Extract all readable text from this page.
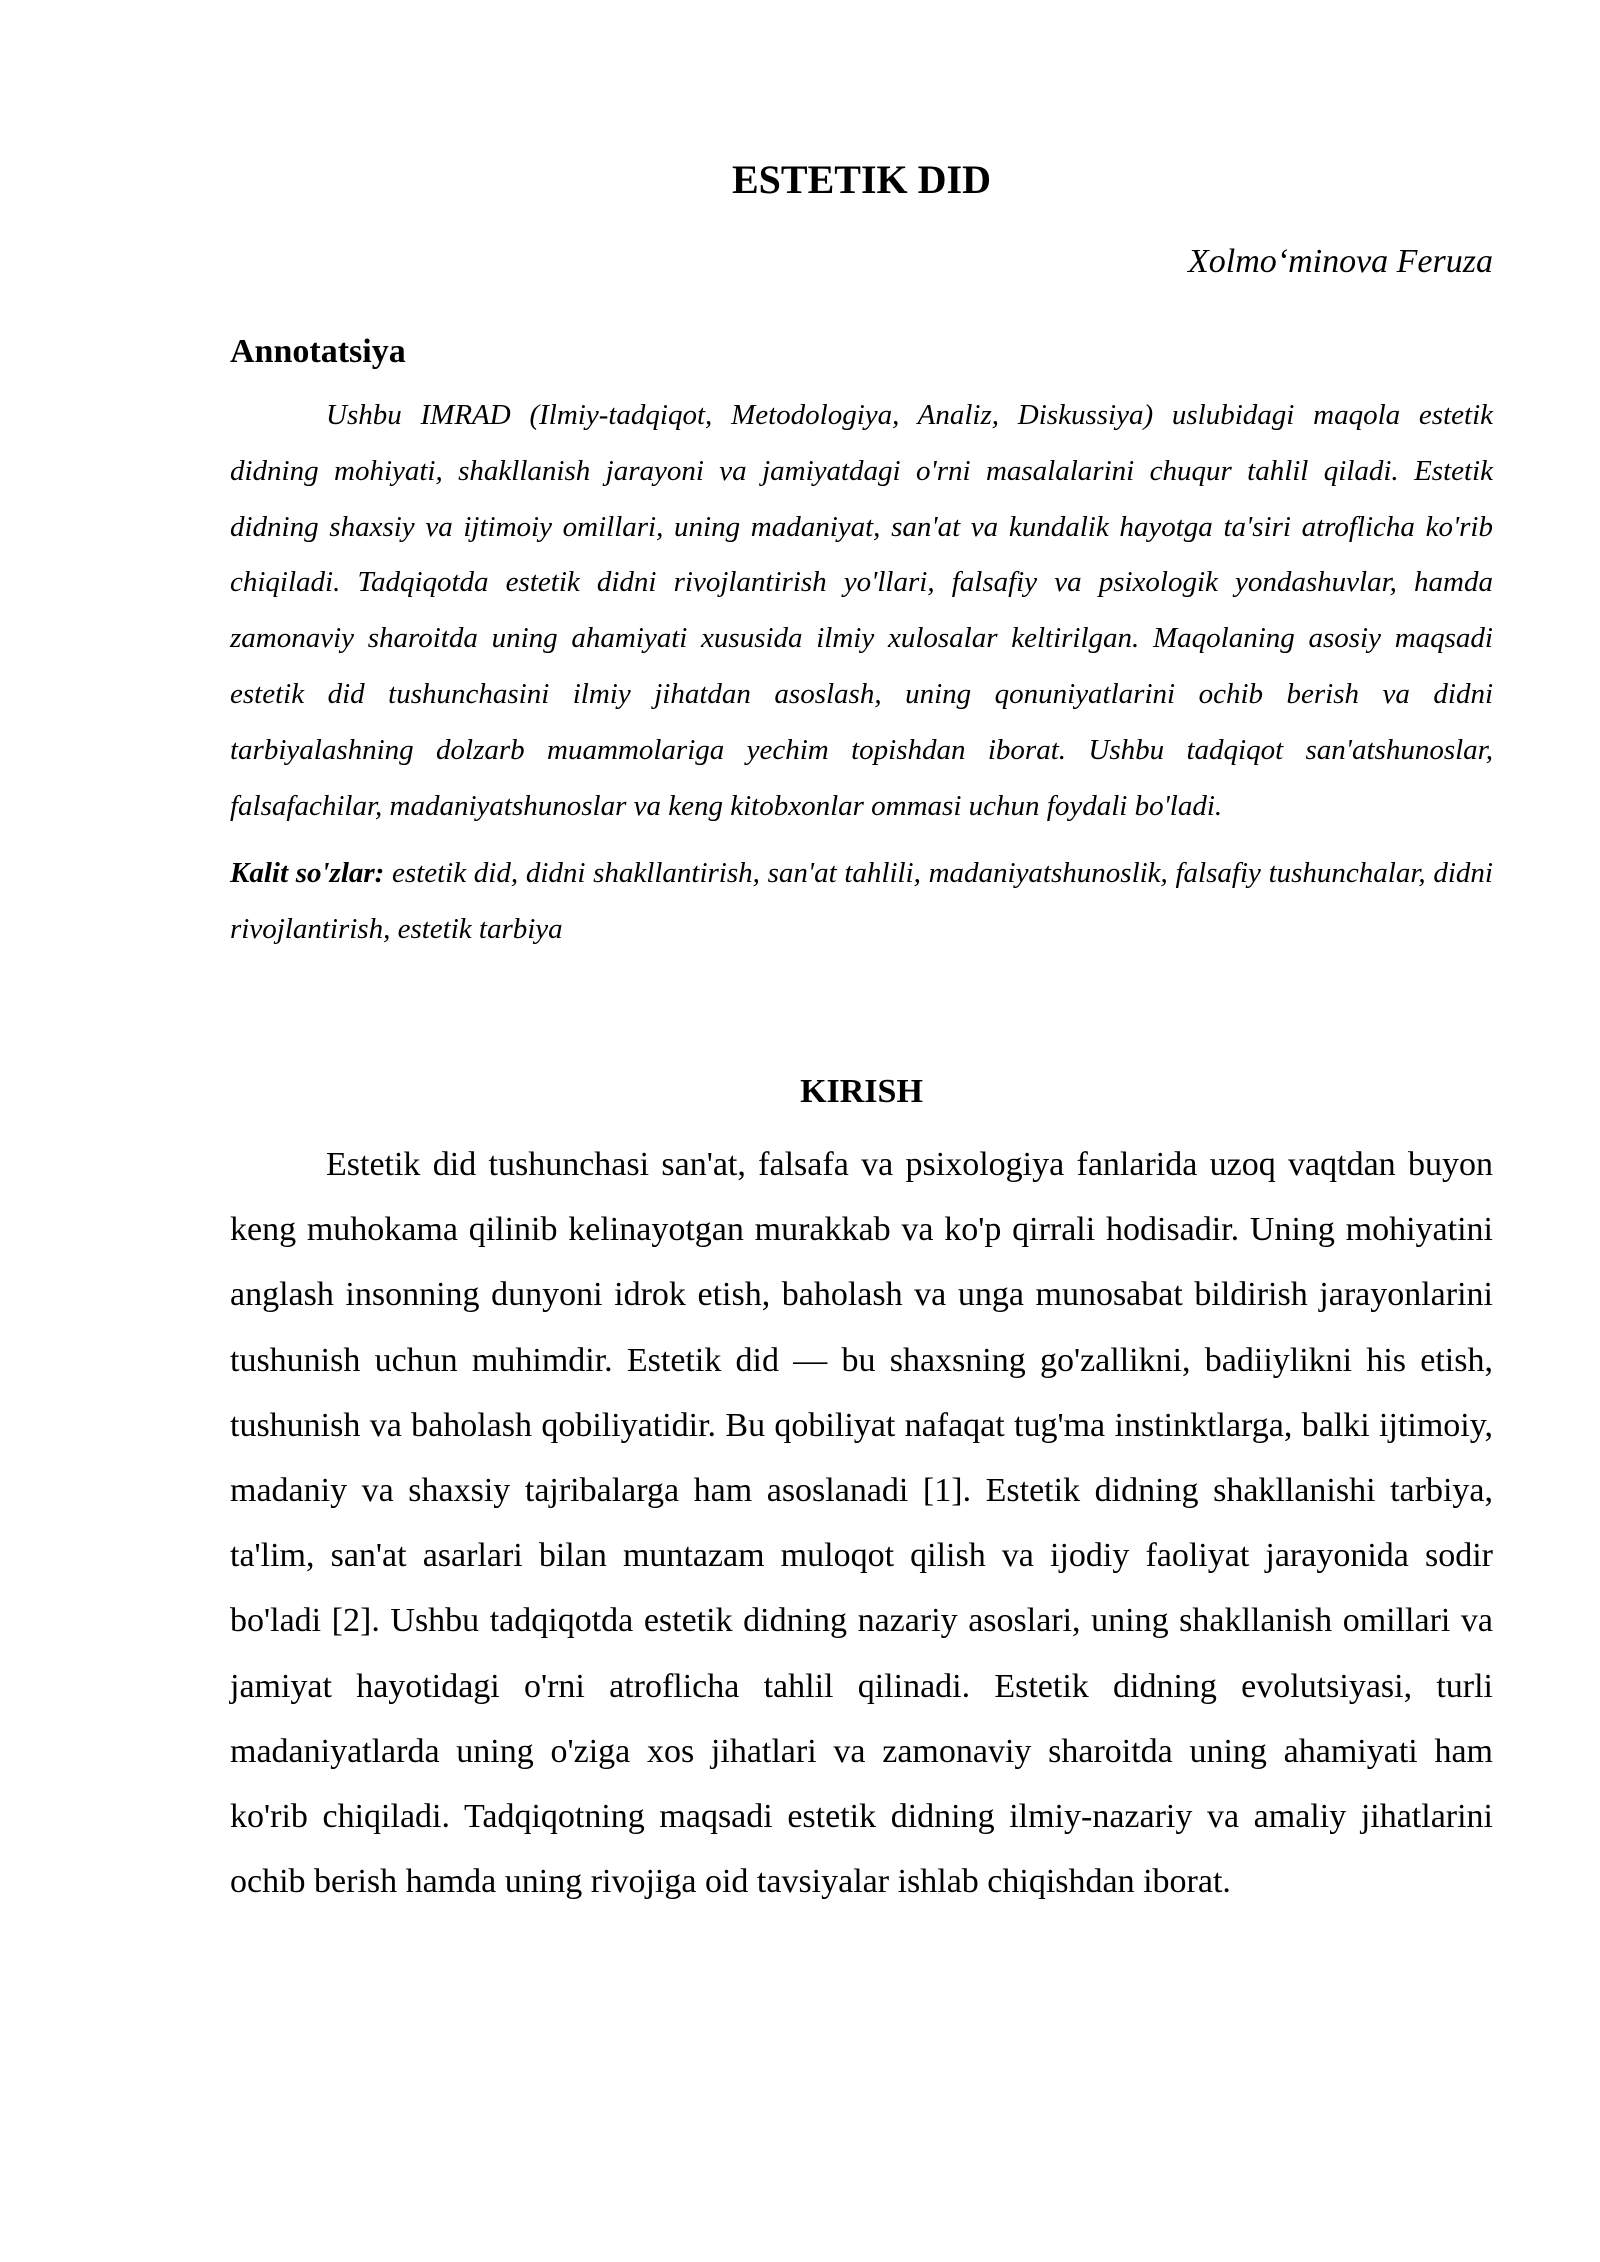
ESTETIK DID
Xolmo‘minova Feruza
Annotatsiya

Ushbu IMRAD (Ilmiy-tadqiqot, Metodologiya, Analiz, Diskussiya) uslubidagi maqola estetik didning mohiyati, shakllanish jarayoni va jamiyatdagi o'rni masalalarini chuqur tahlil qiladi. Estetik didning shaxsiy va ijtimoiy omillari, uning madaniyat, san'at va kundalik hayotga ta'siri atroflicha ko'rib chiqiladi. Tadqiqotda estetik didni rivojlantirish yo'llari, falsafiy va psixologik yondashuvlar, hamda zamonaviy sharoitda uning ahamiyati xususida ilmiy xulosalar keltirilgan. Maqolaning asosiy maqsadi estetik did tushunchasini ilmiy jihatdan asoslash, uning qonuniyatlarini ochib berish va didni tarbiyalashning dolzarb muammolariga yechim topishdan iborat. Ushbu tadqiqot san'atshunoslar, falsafachilar, madaniyatshunoslar va keng kitobxonlar ommasi uchun foydali bo'ladi.

Kalit so'zlar: estetik did, didni shakllantirish, san'at tahlili, madaniyatshunoslik, falsafiy tushunchalar, didni rivojlantirish, estetik tarbiya

KIRISH

Estetik did tushunchasi san'at, falsafa va psixologiya fanlarida uzoq vaqtdan buyon keng muhokama qilinib kelinayotgan murakkab va ko'p qirrali hodisadir. Uning mohiyatini anglash insonning dunyoni idrok etish, baholash va unga munosabat bildirish jarayonlarini tushunish uchun muhimdir. Estetik did — bu shaxsning go'zallikni, badiiylikni his etish, tushunish va baholash qobiliyatidir. Bu qobiliyat nafaqat tug'ma instinktlarga, balki ijtimoiy, madaniy va shaxsiy tajribalarga ham asoslanadi [1]. Estetik didning shakllanishi tarbiya, ta'lim, san'at asarlari bilan muntazam muloqot qilish va ijodiy faoliyat jarayonida sodir bo'ladi [2]. Ushbu tadqiqotda estetik didning nazariy asoslari, uning shakllanish omillari va jamiyat hayotidagi o'rni atroflicha tahlil qilinadi. Estetik didning evolutsiyasi, turli madaniyatlarda uning o'ziga xos jihatlari va zamonaviy sharoitda uning ahamiyati ham ko'rib chiqiladi. Tadqiqotning maqsadi estetik didning ilmiy-nazariy va amaliy jihatlarini ochib berish hamda uning rivojiga oid tavsiyalar ishlab chiqishdan iborat.
